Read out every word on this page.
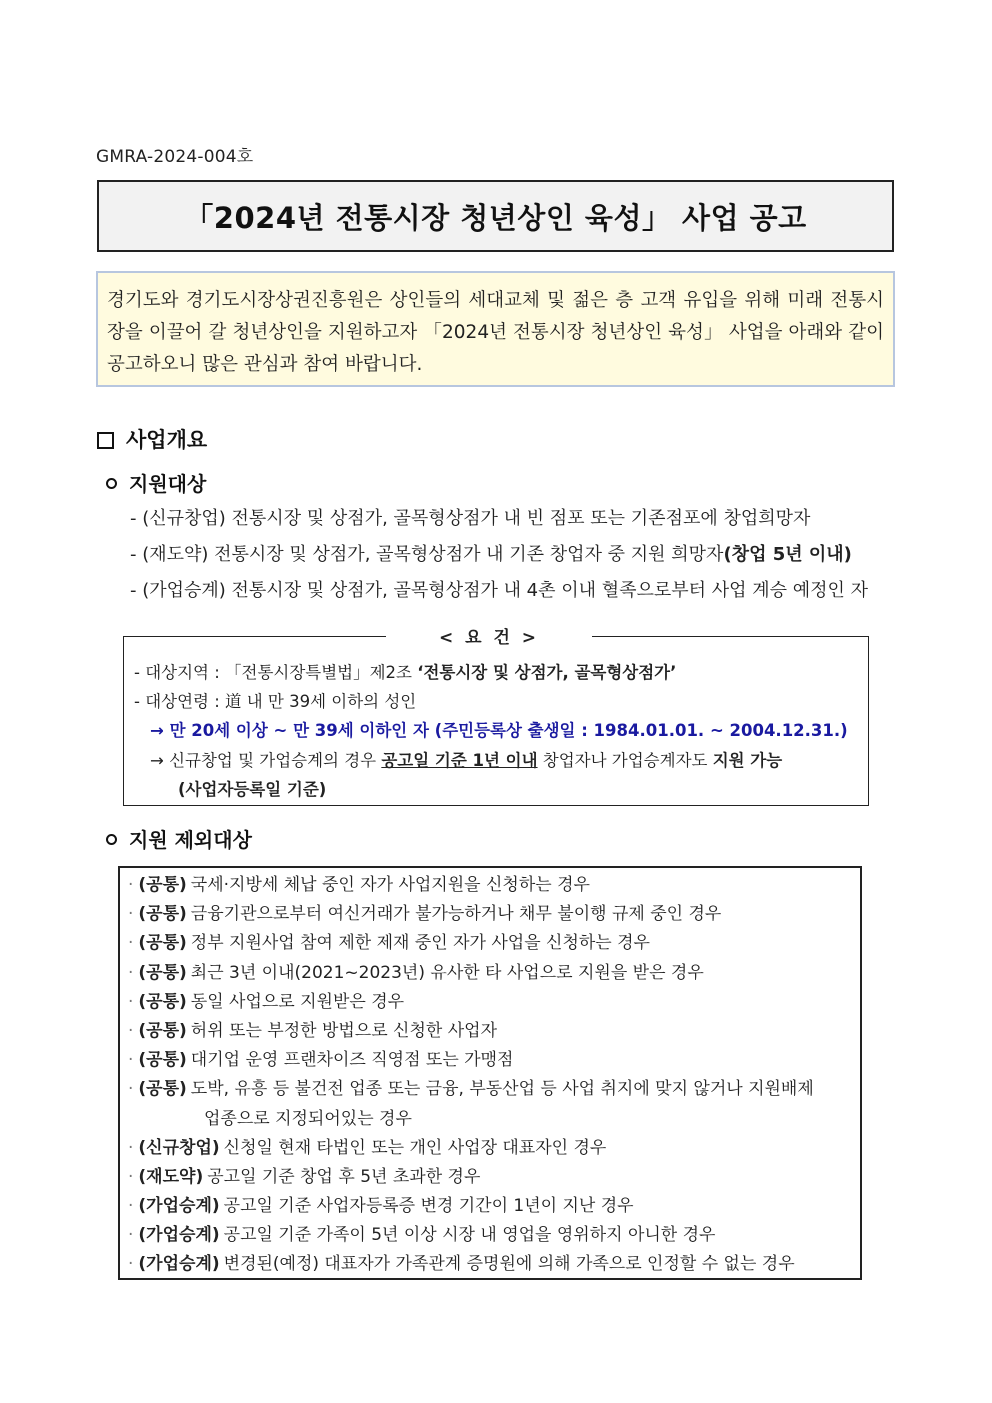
GMRA-2024-004호
「2024년 전통시장 청년상인 육성」 사업 공고
경기도와 경기도시장상권진흥원은 상인들의 세대교체 및 젊은 층 고객 유입을 위해 미래 전통시장을 이끌어 갈 청년상인을 지원하고자 「2024년 전통시장 청년상인 육성」 사업을 아래와 같이 공고하오니 많은 관심과 참여 바랍니다.
사업개요
지원대상
- (신규창업) 전통시장 및 상점가, 골목형상점가 내 빈 점포 또는 기존점포에 창업희망자
- (재도약) 전통시장 및 상점가, 골목형상점가 내 기존 창업자 중 지원 희망자(창업 5년 이내)
- (가업승계) 전통시장 및 상점가, 골목형상점가 내 4촌 이내 혈족으로부터 사업 계승 예정인 자
< 요 건 >
- 대상지역 : 「전통시장특별법」제2조 ‘전통시장 및 상점가, 골목형상점가’
- 대상연령 : 道 내 만 39세 이하의 성인
→ 만 20세 이상 ~ 만 39세 이하인 자 (주민등록상 출생일 : 1984.01.01. ~ 2004.12.31.)
→ 신규창업 및 가업승계의 경우 공고일 기준 1년 이내 창업자나 가업승계자도 지원 가능
(사업자등록일 기준)
지원 제외대상
· (공통) 국세·지방세 체납 중인 자가 사업지원을 신청하는 경우
· (공통) 금융기관으로부터 여신거래가 불가능하거나 채무 불이행 규제 중인 경우
· (공통) 정부 지원사업 참여 제한 제재 중인 자가 사업을 신청하는 경우
· (공통) 최근 3년 이내(2021~2023년) 유사한 타 사업으로 지원을 받은 경우
· (공통) 동일 사업으로 지원받은 경우
· (공통) 허위 또는 부정한 방법으로 신청한 사업자
· (공통) 대기업 운영 프랜차이즈 직영점 또는 가맹점
· (공통) 도박, 유흥 등 불건전 업종 또는 금융, 부동산업 등 사업 취지에 맞지 않거나 지원배제
업종으로 지정되어있는 경우
· (신규창업) 신청일 현재 타법인 또는 개인 사업장 대표자인 경우
· (재도약) 공고일 기준 창업 후 5년 초과한 경우
· (가업승계) 공고일 기준 사업자등록증 변경 기간이 1년이 지난 경우
· (가업승계) 공고일 기준 가족이 5년 이상 시장 내 영업을 영위하지 아니한 경우
· (가업승계) 변경된(예정) 대표자가 가족관계 증명원에 의해 가족으로 인정할 수 없는 경우
